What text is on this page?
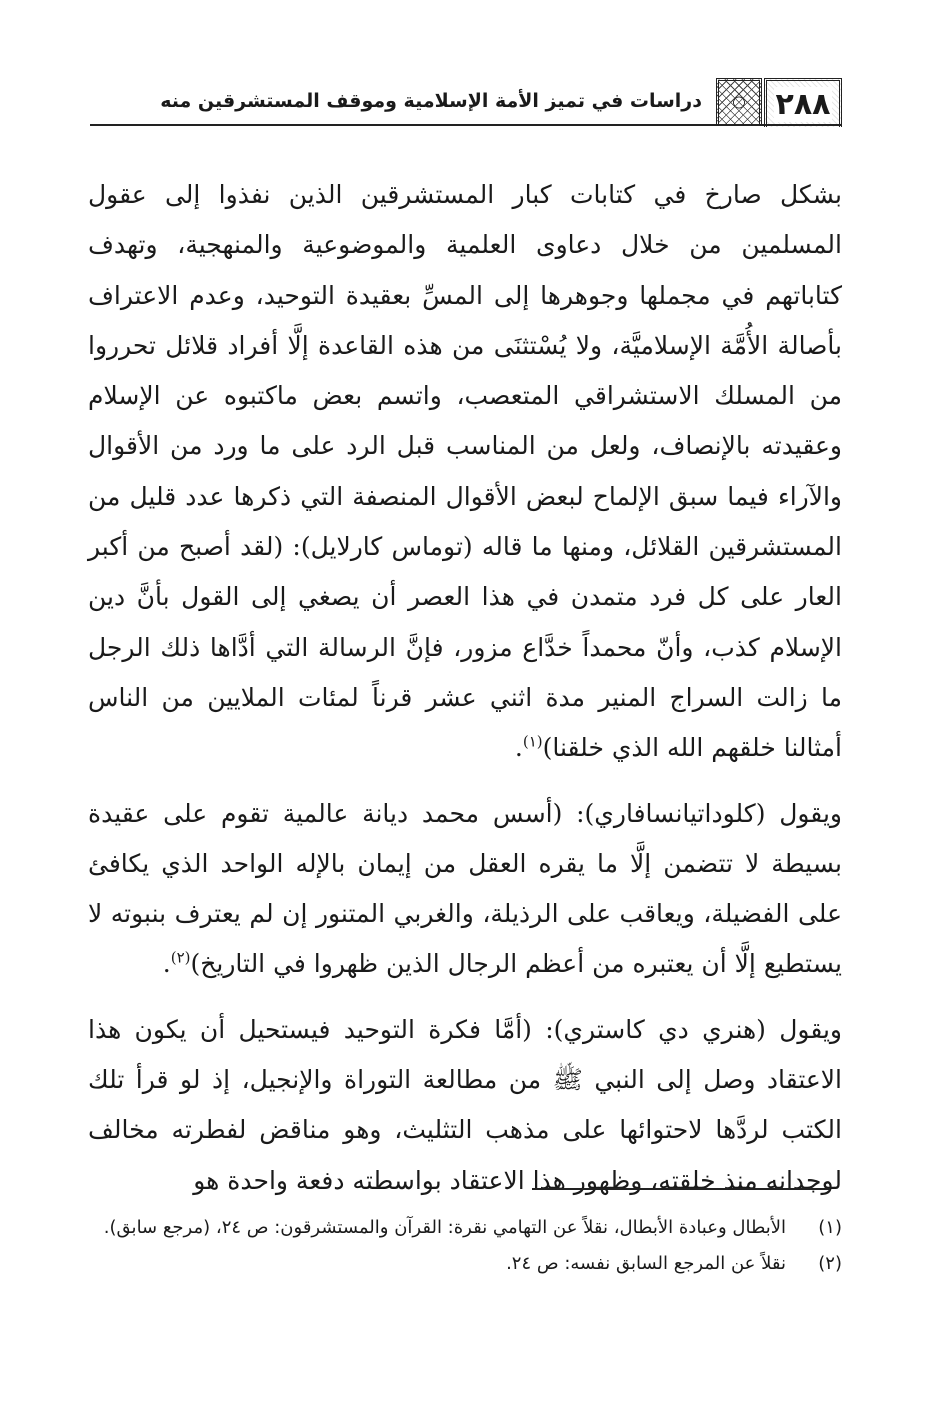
٢٨٨
دراسات في تميز الأمة الإسلامية وموقف المستشرقين منه

بشكل صارخ في كتابات كبار المستشرقين الذين نفذوا إلى عقول المسلمين من خلال دعاوى العلمية والموضوعية والمنهجية، وتهدف كتاباتهم في مجملها وجوهرها إلى المسِّ بعقيدة التوحيد، وعدم الاعتراف بأصالة الأُمَّة الإسلاميَّة، ولا يُسْتثنَى من هذه القاعدة إلَّا أفراد قلائل تحرروا من المسلك الاستشراقي المتعصب، واتسم بعض ماكتبوه عن الإسلام وعقيدته بالإنصاف، ولعل من المناسب قبل الرد على ما ورد من الأقوال والآراء فيما سبق الإلماح لبعض الأقوال المنصفة التي ذكرها عدد قليل من المستشرقين القلائل، ومنها ما قاله (توماس كارلايل): (لقد أصبح من أكبر العار على كل فرد متمدن في هذا العصر أن يصغي إلى القول بأنَّ دين الإسلام كذب، وأنّ محمداً خدَّاع مزور، فإنَّ الرسالة التي أدَّاها ذلك الرجل ما زالت السراج المنير مدة اثني عشر قرناً لمئات الملايين من الناس أمثالنا خلقهم الله الذي خلقنا)$^{(١)}$.

ويقول (كلوداتيانسافاري): (أسس محمد ديانة عالمية تقوم على عقيدة بسيطة لا تتضمن إلَّا ما يقره العقل من إيمان بالإله الواحد الذي يكافئ على الفضيلة، ويعاقب على الرذيلة، والغربي المتنور إن لم يعترف بنبوته لا يستطيع إلَّا أن يعتبره من أعظم الرجال الذين ظهروا في التاريخ)$^{(٢)}$.

ويقول (هنري دي كاستري): (أمَّا فكرة التوحيد فيستحيل أن يكون هذا الاعتقاد وصل إلى النبي ﷺ من مطالعة التوراة والإنجيل، إذ لو قرأ تلك الكتب لردَّها لاحتوائها على مذهب التثليث، وهو مناقض لفطرته مخالف لوجدانه منذ خلقته، وظهور هذا الاعتقاد بواسطته دفعة واحدة هو

(١)
الأبطال وعبادة الأبطال، نقلاً عن التهامي نقرة: القرآن والمستشرقون: ص ٢٤، (مرجع سابق).
(٢)
نقلاً عن المرجع السابق نفسه: ص ٢٤.
